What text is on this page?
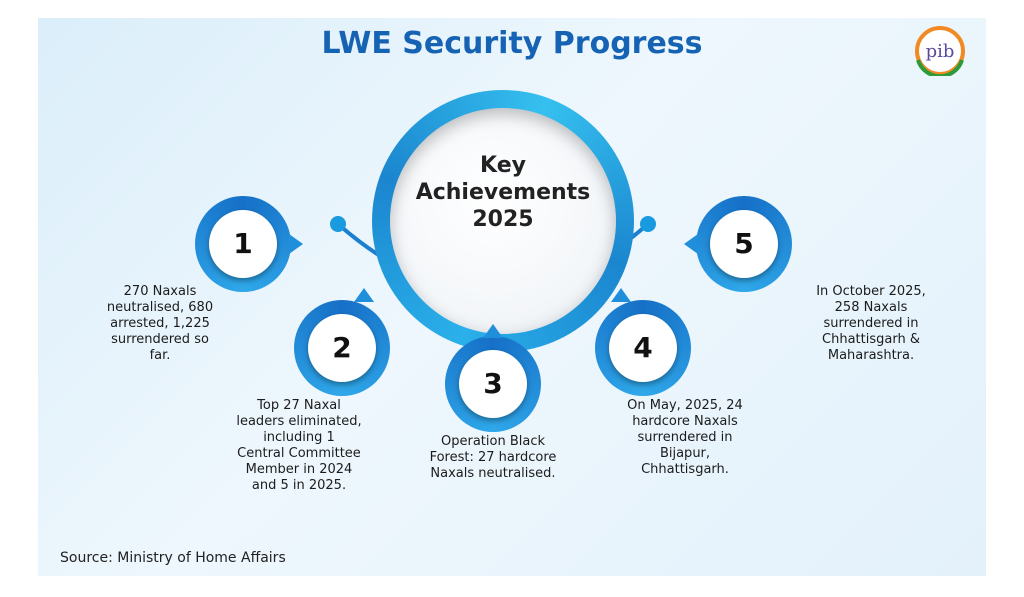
LWE Security Progress	pib
Key
Achievements
2025
1
270 Naxals
neutralised, 680
arrested, 1,225
surrendered so
far.	2
Top 27 Naxal
leaders eliminated,
including 1
Central Committee
Member in 2024
and 5 in 2025.
3
Operation Black
Forest: 27 hardcore
Naxals neutralised.
4
On May, 2025, 24
hardcore Naxals
surrendered in
Bijapur,
Chhattisgarh.
5
In October 2025,
258 Naxals
surrendered in
Chhattisgarh &
Maharashtra.
Source: Ministry of Home Affairs
